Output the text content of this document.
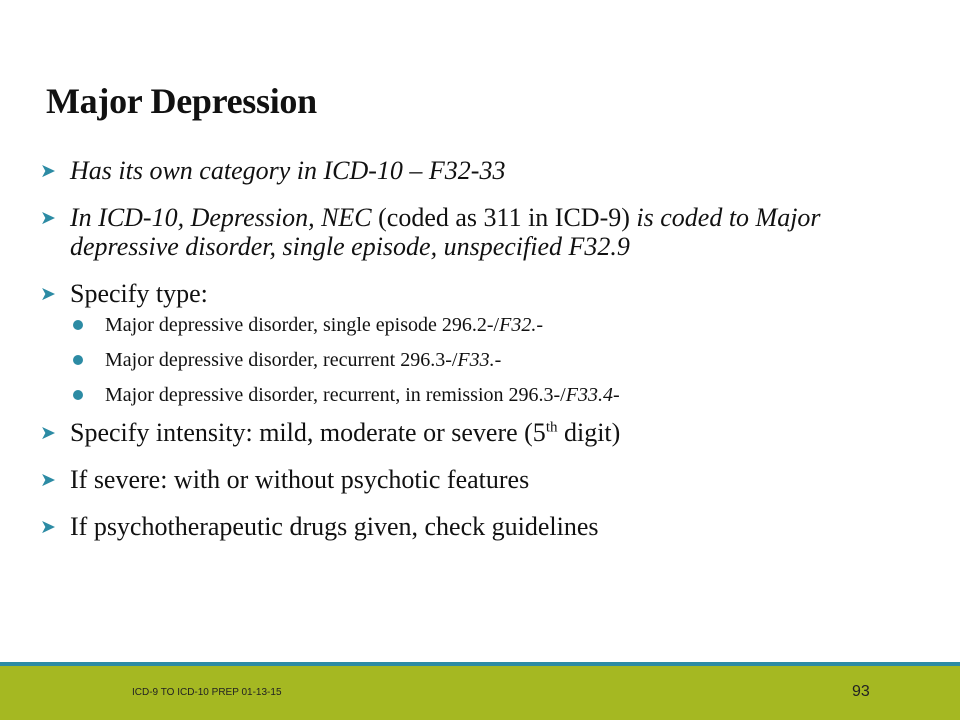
Major Depression
➤ Has its own category in ICD-10 – F32-33
➤ In ICD-10, Depression, NEC (coded as 311 in ICD-9) is coded to Major depressive disorder, single episode, unspecified F32.9
➤ Specify type:
Major depressive disorder, single episode 296.2-/F32.-
Major depressive disorder, recurrent 296.3-/F33.-
Major depressive disorder, recurrent, in remission 296.3-/F33.4-
➤ Specify intensity: mild, moderate or severe (5th digit)
➤ If severe: with or without psychotic features
➤ If psychotherapeutic drugs given, check guidelines
ICD-9 TO ICD-10 PREP 01-13-15	93
